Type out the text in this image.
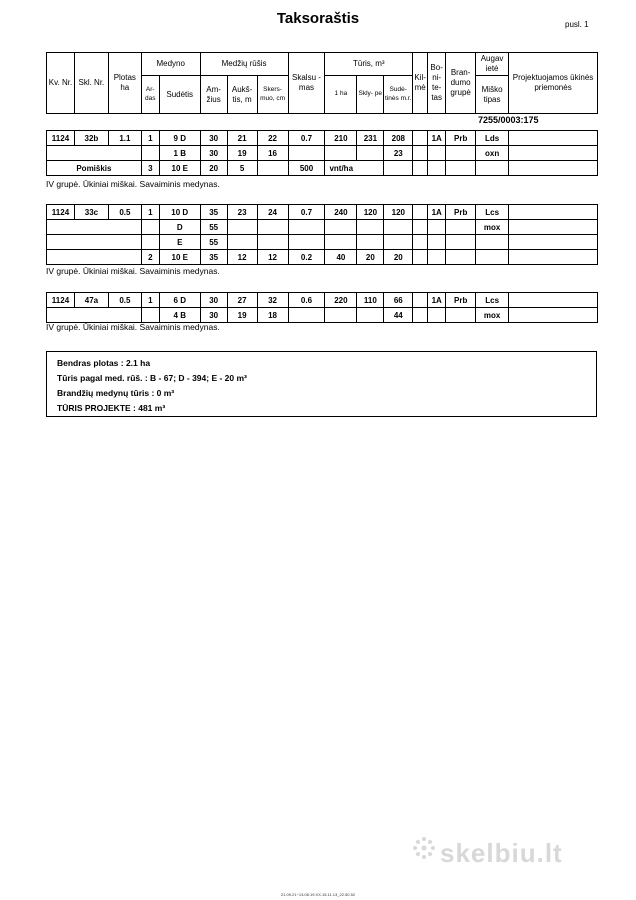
Taksoraštis	pusl. 1
Kv. Nr.	Skl. Nr.	Plotas ha	Medyno		Medžių rūšis			Skalsu - mas	Tūris, m³			Kil- mė	Bo- ni- te- tas	Bran- dumo grupė	Augav ietė	Projektuojamos ūkinės priemonės
			Ar- das	Sudėtis	Am- žius	Aukš- tis, m	Skers- muo, cm		1 ha	Skly- pe	Sudė- tinės m.r.				Miško tipas	

7255/0003:175
1124	32b	1.1	1	9 D	30	21	22	0.7	210	231	208		1A	Prb	Lds	
				1 B	30	19	16				23				oxn	
Pomiškis			3	10 E	20	5		500	vnt/ha							
IV grupė. Ūkiniai miškai. Savaiminis medynas.
1124	33c	0.5	1	10 D	35	23	24	0.7	240	120	120		1A	Prb	Lcs	
				D	55										mox	
				E	55											
			2	10 E	35	12	12	0.2	40	20	20					
IV grupė. Ūkiniai miškai. Savaiminis medynas.
1124	47a	0.5	1	6 D	30	27	32	0.6	220	110	66		1A	Prb	Lcs	
				4 B	30	19	18				44				mox	
IV grupė. Ūkiniai miškai. Savaiminis medynas.
Bendras plotas : 2.1 ha
Tūris pagal med. rūš. : B - 67; D - 394; E - 20 m³
Brandžių medynų tūris : 0 m³
TŪRIS PROJEKTE : 481 m³
skelbiu.lt
21.09.21~13.08.19.XX.15.11.13_22.50.52
